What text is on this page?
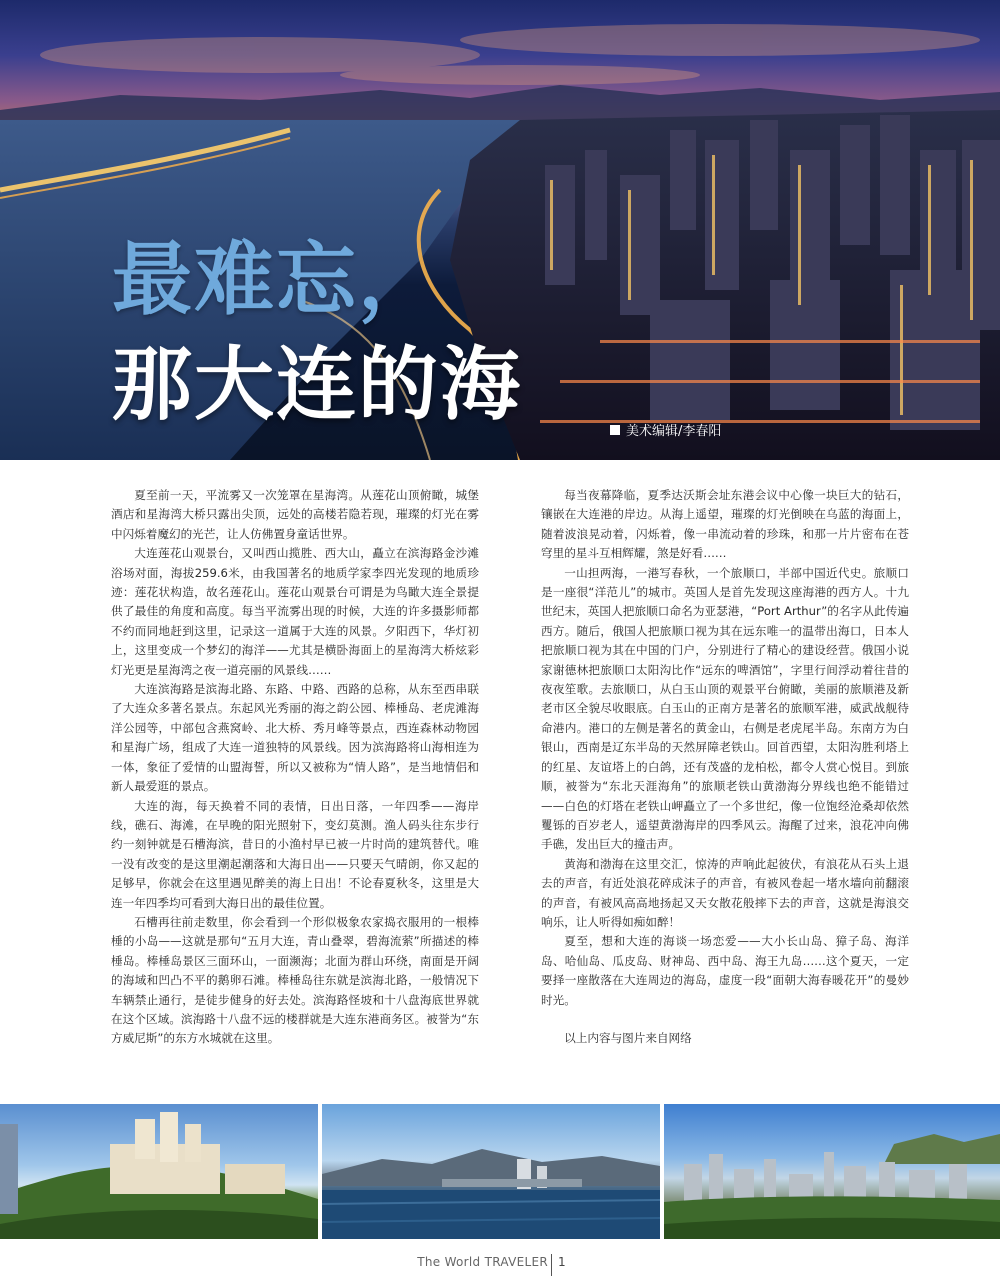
最难忘，
那大连的海
美术编辑/李春阳

夏至前一天，平流雾又一次笼罩在星海湾。从莲花山顶俯瞰，城堡酒店和星海湾大桥只露出尖顶，远处的高楼若隐若现，璀璨的灯光在雾中闪烁着魔幻的光芒，让人仿佛置身童话世界。

大连莲花山观景台，又叫西山揽胜、西大山，矗立在滨海路金沙滩浴场对面，海拔259.6米，由我国著名的地质学家李四光发现的地质珍迹：莲花状构造，故名莲花山。莲花山观景台可谓是为鸟瞰大连全景提供了最佳的角度和高度。每当平流雾出现的时候，大连的许多摄影师都不约而同地赶到这里，记录这一道属于大连的风景。夕阳西下，华灯初上，这里变成一个梦幻的海洋——尤其是横卧海面上的星海湾大桥炫彩灯光更是星海湾之夜一道亮丽的风景线……

大连滨海路是滨海北路、东路、中路、西路的总称，从东至西串联了大连众多著名景点。东起风光秀丽的海之韵公园、棒棰岛、老虎滩海洋公园等，中部包含燕窝岭、北大桥、秀月峰等景点，西连森林动物园和星海广场，组成了大连一道独特的风景线。因为滨海路将山海相连为一体，象征了爱情的山盟海誓，所以又被称为“情人路”，是当地情侣和新人最爱逛的景点。

大连的海，每天换着不同的表情，日出日落，一年四季——海岸线，礁石、海滩，在早晚的阳光照射下，变幻莫测。渔人码头往东步行约一刻钟就是石槽海滨，昔日的小渔村早已被一片时尚的建筑替代。唯一没有改变的是这里潮起潮落和大海日出——只要天气晴朗，你又起的足够早，你就会在这里遇见醉美的海上日出！不论春夏秋冬，这里是大连一年四季均可看到大海日出的最佳位置。

石槽再往前走数里，你会看到一个形似极象农家捣衣服用的一根棒棰的小岛——这就是那句“五月大连，青山叠翠，碧海流萦”所描述的棒棰岛。棒棰岛景区三面环山，一面濒海；北面为群山环绕，南面是开阔的海域和凹凸不平的鹅卵石滩。棒棰岛往东就是滨海北路，一般情况下车辆禁止通行，是徒步健身的好去处。滨海路怪坡和十八盘海底世界就在这个区域。滨海路十八盘不远的楼群就是大连东港商务区。被誉为“东方威尼斯”的东方水城就在这里。

每当夜幕降临，夏季达沃斯会址东港会议中心像一块巨大的钻石，镶嵌在大连港的岸边。从海上遥望，璀璨的灯光倒映在乌蓝的海面上，随着波浪晃动着，闪烁着，像一串流动着的珍珠，和那一片片密布在苍穹里的星斗互相辉耀，煞是好看……

一山担两海，一港写春秋，一个旅顺口，半部中国近代史。旅顺口是一座很“洋范儿”的城市。英国人是首先发现这座海港的西方人。十九世纪末，英国人把旅顺口命名为亚瑟港，“Port Arthur”的名字从此传遍西方。随后，俄国人把旅顺口视为其在远东唯一的温带出海口，日本人把旅顺口视为其在中国的门户，分别进行了精心的建设经营。俄国小说家谢德林把旅顺口太阳沟比作“远东的啤酒馆”，字里行间浮动着往昔的夜夜笙歌。去旅顺口，从白玉山顶的观景平台俯瞰，美丽的旅顺港及新老市区全貌尽收眼底。白玉山的正南方是著名的旅顺军港，威武战舰待命港内。港口的左侧是著名的黄金山，右侧是老虎尾半岛。东南方为白银山，西南是辽东半岛的天然屏障老铁山。回首西望，太阳沟胜利塔上的红星、友谊塔上的白鸽，还有茂盛的龙柏松，都令人赏心悦目。到旅顺，被誉为“东北天涯海角”的旅顺老铁山黄渤海分界线也绝不能错过——白色的灯塔在老铁山岬矗立了一个多世纪，像一位饱经沧桑却依然矍铄的百岁老人，遥望黄渤海岸的四季风云。海醒了过来，浪花冲向佛手礁，发出巨大的撞击声。

黄海和渤海在这里交汇，惊涛的声响此起彼伏，有浪花从石头上退去的声音，有近处浪花碎成沫子的声音，有被风卷起一堵水墙向前翻滚的声音，有被风高高地扬起又天女散花般摔下去的声音，这就是海浪交响乐，让人听得如痴如醉！

夏至，想和大连的海谈一场恋爱——大小长山岛、獐子岛、海洋岛、哈仙岛、瓜皮岛、财神岛、西中岛、海王九岛……这个夏天，一定要择一座散落在大连周边的海岛，虚度一段“面朝大海春暖花开”的曼妙时光。

以上内容与图片来自网络

The World TRAVELER 1
